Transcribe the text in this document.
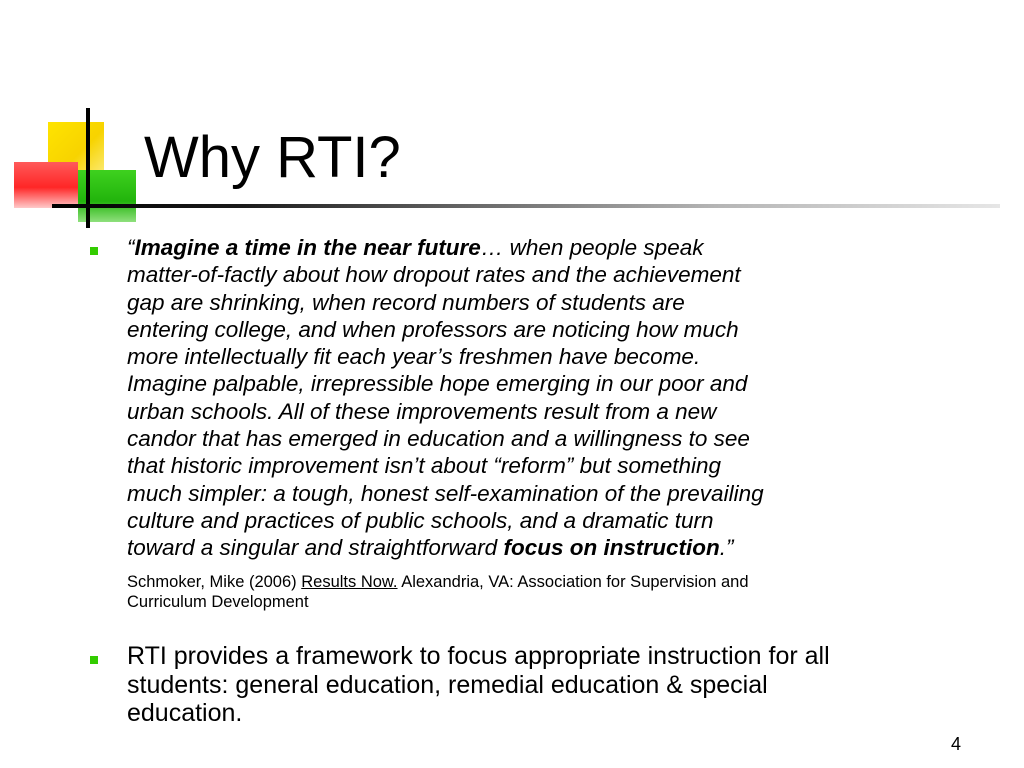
Why RTI?
“Imagine a time in the near future… when people speak
matter-of-factly about how dropout rates and the achievement
gap are shrinking, when record numbers of students are
entering college, and when professors are noticing how much
more intellectually fit each year’s freshmen have become.
Imagine palpable, irrepressible hope emerging in our poor and
urban schools. All of these improvements result from a new
candor that has emerged in education and a willingness to see
that historic improvement isn’t about “reform” but something
much simpler: a tough, honest self-examination of the prevailing
culture and practices of public schools, and a dramatic turn
toward a singular and straightforward focus on instruction.”
Schmoker, Mike (2006) Results Now. Alexandria, VA: Association for Supervision and
Curriculum Development
RTI provides a framework to focus appropriate instruction for all
students: general education, remedial education & special
education.
4
